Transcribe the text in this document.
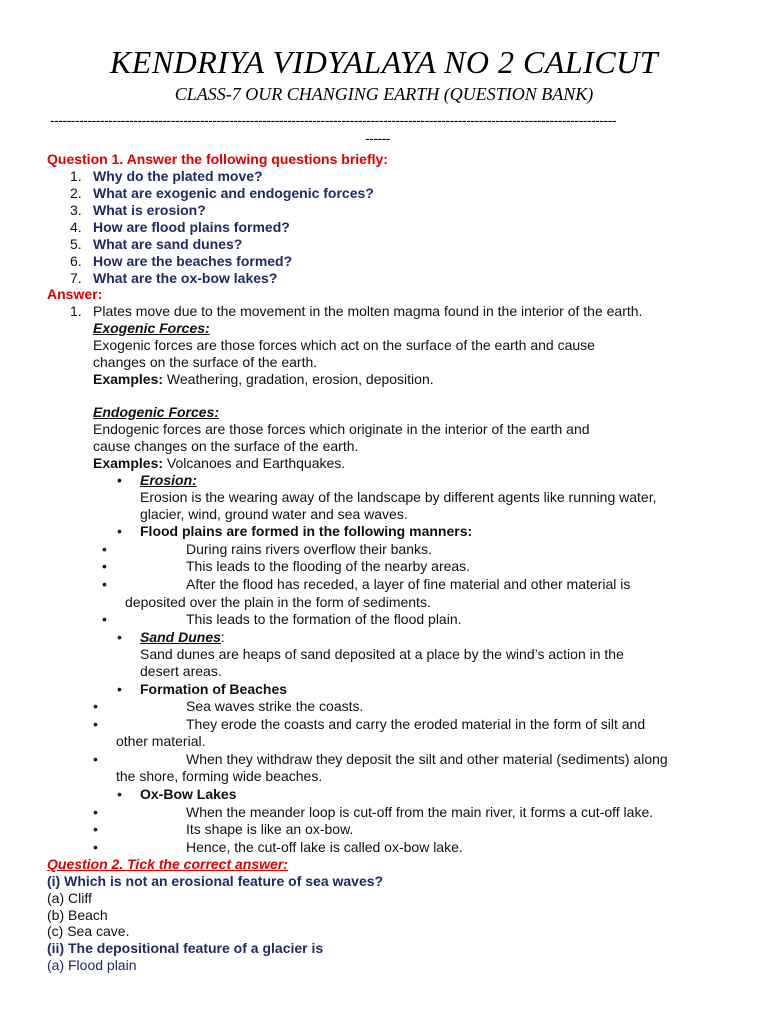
KENDRIYA VIDYALAYA NO 2 CALICUT
CLASS-7 OUR CHANGING EARTH (QUESTION BANK)
----------------------------------------------------------------------------------------------------------------------------------------
------
Question 1. Answer the following questions briefly:
1. Why do the plated move?
2. What are exogenic and endogenic forces?
3. What is erosion?
4. How are flood plains formed?
5. What are sand dunes?
6. How are the beaches formed?
7. What are the ox-bow lakes?
Answer:
1. Plates move due to the movement in the molten magma found in the interior of the earth.
Exogenic Forces:
Exogenic forces are those forces which act on the surface of the earth and cause
changes on the surface of the earth.
Examples: Weathering, gradation, erosion, deposition.
Endogenic Forces:
Endogenic forces are those forces which originate in the interior of the earth and
cause changes on the surface of the earth.
Examples: Volcanoes and Earthquakes.
• Erosion:
Erosion is the wearing away of the landscape by different agents like running water,
glacier, wind, ground water and sea waves.
• Flood plains are formed in the following manners:
•	During rains rivers overflow their banks.
•	This leads to the flooding of the nearby areas.
•	After the flood has receded, a layer of fine material and other material is
deposited over the plain in the form of sediments.
•	This leads to the formation of the flood plain.
• Sand Dunes:
Sand dunes are heaps of sand deposited at a place by the wind’s action in the
desert areas.
• Formation of Beaches
•	Sea waves strike the coasts.
•	They erode the coasts and carry the eroded material in the form of silt and
other material.
•	When they withdraw they deposit the silt and other material (sediments) along
the shore, forming wide beaches.
• Ox-Bow Lakes
•	When the meander loop is cut-off from the main river, it forms a cut-off lake.
•	Its shape is like an ox-bow.
•	Hence, the cut-off lake is called ox-bow lake.
Question 2. Tick the correct answer:
(i) Which is not an erosional feature of sea waves?
(a) Cliff
(b) Beach
(c) Sea cave.
(ii) The depositional feature of a glacier is
(a) Flood plain
